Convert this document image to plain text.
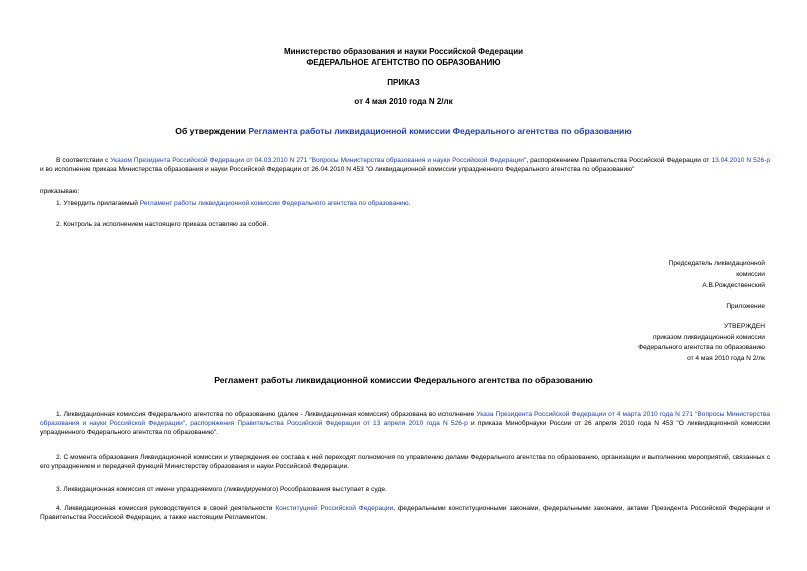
Министерство образования и науки Российской Федерации
ФЕДЕРАЛЬНОЕ АГЕНТСТВО ПО ОБРАЗОВАНИЮ
ПРИКАЗ
от 4 мая 2010 года N 2/лк
Об утверждении Регламента работы ликвидационной комиссии Федерального агентства по образованию
В соответствии с Указом Президента Российской Федерации от 04.03.2010 N 271 "Вопросы Министерства образования и науки Российской Федерации", распоряжением Правительства Российской Федерации от 13.04.2010 N 526-р и во исполнение приказа Министерства образования и науки Российской Федерации от 26.04.2010 N 453 "О ликвидационной комиссии упраздненного Федерального агентства по образованию"
приказываю:
1. Утвердить прилагаемый Регламент работы ликвидационной комиссии Федерального агентства по образованию.
2. Контроль за исполнением настоящего приказа оставляю за собой.
Председатель ликвидационной
комиссии
А.В.Рождественский
Приложение
УТВЕРЖДЕН
приказом ликвидационной комиссии
Федерального агентства по образованию
от 4 мая 2010 года N 2/лк
Регламент работы ликвидационной комиссии Федерального агентства по образованию
1. Ликвидационная комиссия Федерального агентства по образованию (далее - Ликвидационная комиссия) образована во исполнение Указа Президента Российской Федерации от 4 марта 2010 года N 271 "Вопросы Министерства образования и науки Российской Федерации", распоряжения Правительства Российской Федерации от 13 апреля 2010 года N 526-р и приказа Минобрнауки России от 26 апреля 2010 года N 453 "О ликвидационной комиссии упраздненного Федерального агентства по образованию".
2. С момента образования Ликвидационной комиссии и утверждения ее состава к ней переходят полномочия по управлению делами Федерального агентства по образованию, организации и выполнению мероприятий, связанных с его упразднением и передачей функций Министерству образования и науки Российской Федерации.
3. Ликвидационная комиссия от имени упраздняемого (ликвидируемого) Рособразования выступает в суде.
4. Ликвидационная комиссия руководствуется в своей деятельности Конституцией Российской Федерации, федеральными конституционными законами, федеральными законами, актами Президента Российской Федерации и Правительства Российской Федерации, а также настоящим Регламентом.
